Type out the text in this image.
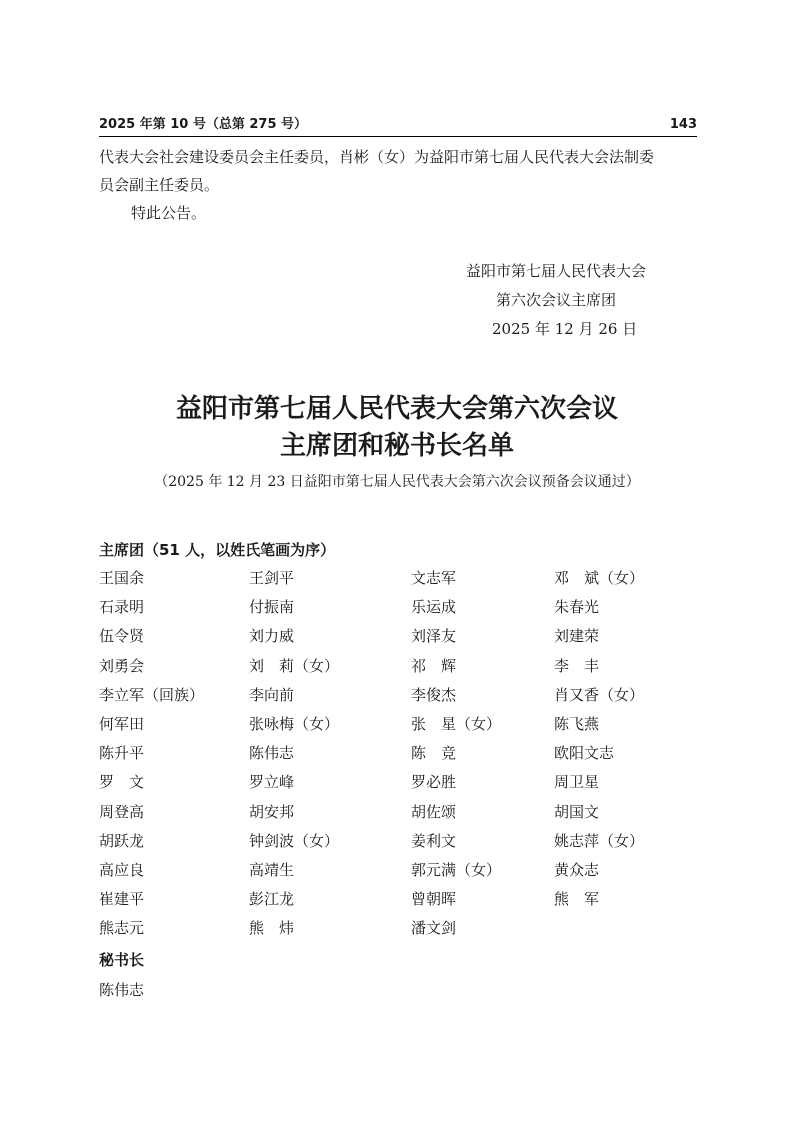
2025 年第 10 号（总第 275 号）	143
代表大会社会建设委员会主任委员，肖彬（女）为益阳市第七届人民代表大会法制委
员会副主任委员。
特此公告。
益阳市第七届人民代表大会
第六次会议主席团
2025 年 12 月 26 日
益阳市第七届人民代表大会第六次会议
主席团和秘书长名单
（2025 年 12 月 23 日益阳市第七届人民代表大会第六次会议预备会议通过）
主席团（51 人，以姓氏笔画为序）
王国余	王剑平	文志军	邓　斌（女）
石录明	付振南	乐运成	朱春光
伍令贤	刘力威	刘泽友	刘建荣
刘勇会	刘　莉（女）	祁　辉	李　丰
李立军（回族）	李向前	李俊杰	肖又香（女）
何军田	张咏梅（女）	张　星（女）	陈飞燕
陈升平	陈伟志	陈　竞	欧阳文志
罗　文	罗立峰	罗必胜	周卫星
周登高	胡安邦	胡佐颂	胡国文
胡跃龙	钟剑波（女）	姜利文	姚志萍（女）
高应良	高靖生	郭元满（女）	黄众志
崔建平	彭江龙	曾朝晖	熊　军
熊志元	熊　炜	潘文剑
秘书长
陈伟志
